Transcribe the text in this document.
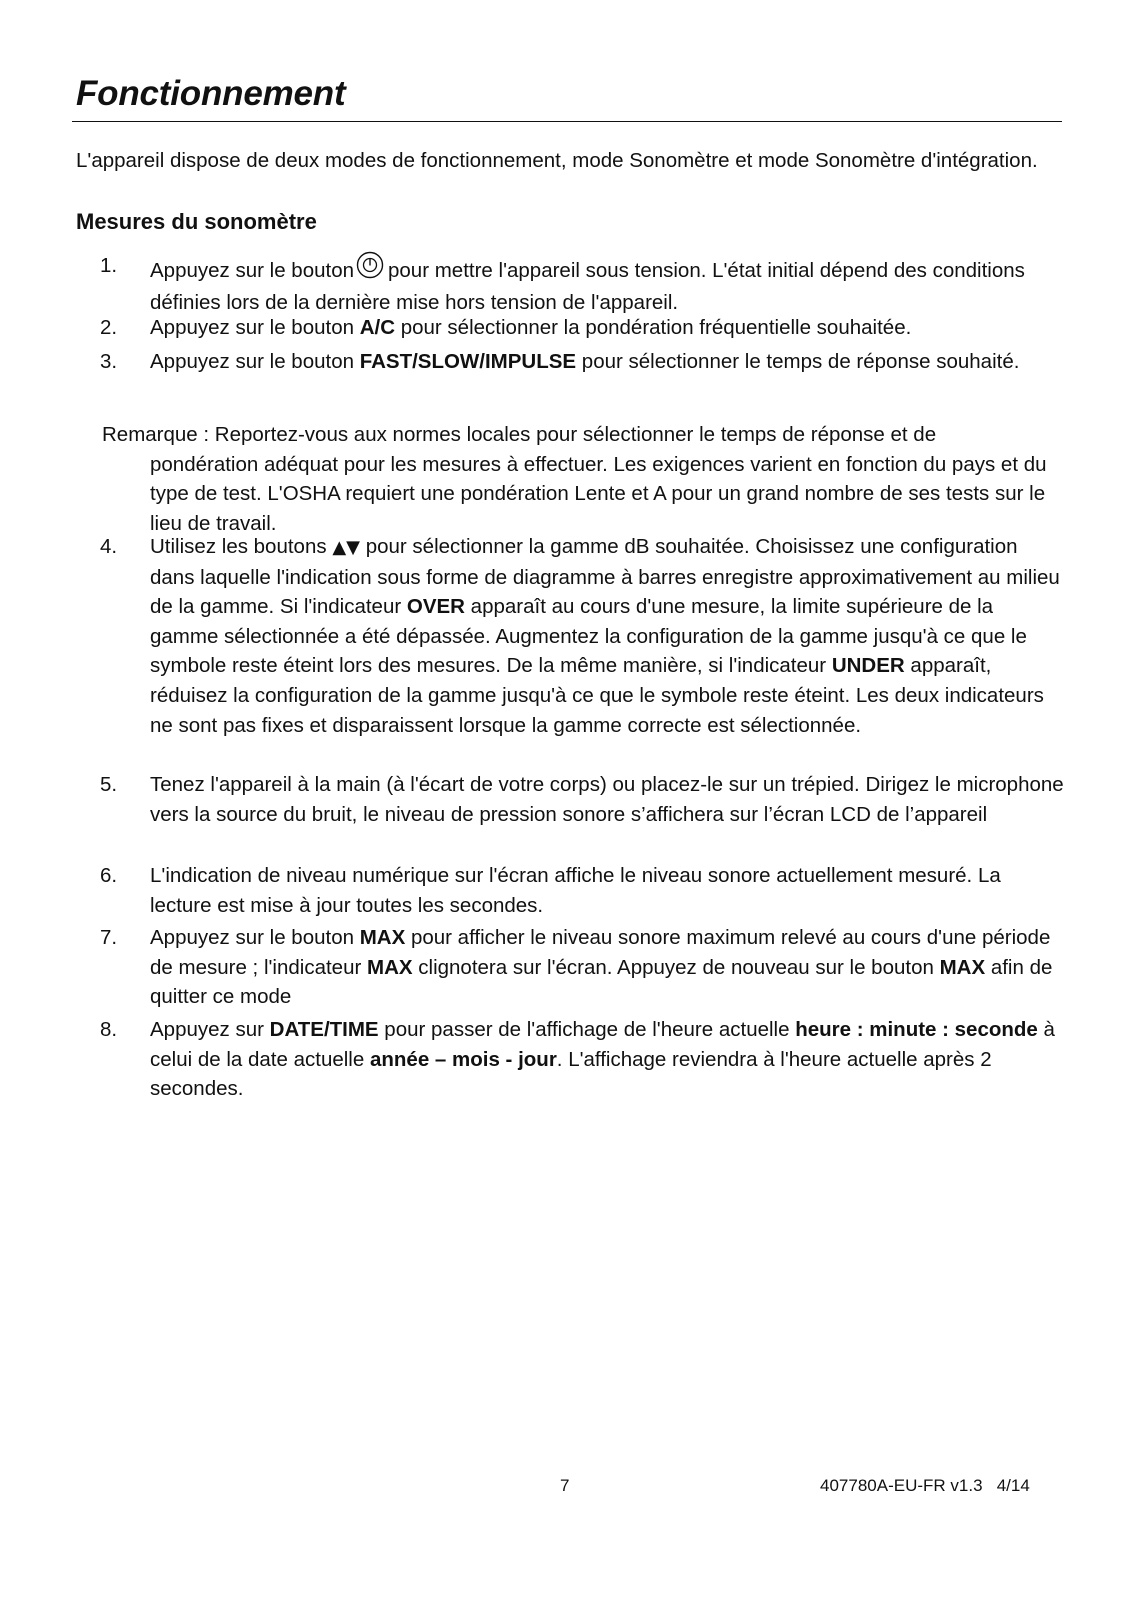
Fonctionnement

L'appareil dispose de deux modes de fonctionnement, mode Sonomètre et mode Sonomètre d'intégration.

Mesures du sonomètre
1. Appuyez sur le bouton pour mettre l'appareil sous tension. L'état initial dépend des conditions définies lors de la dernière mise hors tension de l'appareil.
2. Appuyez sur le bouton A/C pour sélectionner la pondération fréquentielle souhaitée.
3. Appuyez sur le bouton FAST/SLOW/IMPULSE pour sélectionner le temps de réponse souhaité.
Remarque : Reportez-vous aux normes locales pour sélectionner le temps de réponse et de
pondération adéquat pour les mesures à effectuer. Les exigences varient en fonction du pays et du type de test. L'OSHA requiert une pondération Lente et A pour un grand nombre de ses tests sur le lieu de travail.
4. Utilisez les boutons ▲▼ pour sélectionner la gamme dB souhaitée. Choisissez une configuration dans laquelle l'indication sous forme de diagramme à barres enregistre approximativement au milieu de la gamme. Si l'indicateur OVER apparaît au cours d'une mesure, la limite supérieure de la gamme sélectionnée a été dépassée. Augmentez la configuration de la gamme jusqu'à ce que le symbole reste éteint lors des mesures. De la même manière, si l'indicateur UNDER apparaît, réduisez la configuration de la gamme jusqu'à ce que le symbole reste éteint. Les deux indicateurs ne sont pas fixes et disparaissent lorsque la gamme correcte est sélectionnée.
5. Tenez l'appareil à la main (à l'écart de votre corps) ou placez-le sur un trépied. Dirigez le microphone vers la source du bruit, le niveau de pression sonore s’affichera sur l’écran LCD de l’appareil
6. L'indication de niveau numérique sur l'écran affiche le niveau sonore actuellement mesuré. La lecture est mise à jour toutes les secondes.
7. Appuyez sur le bouton MAX pour afficher le niveau sonore maximum relevé au cours d'une période de mesure ; l'indicateur MAX clignotera sur l'écran. Appuyez de nouveau sur le bouton MAX afin de quitter ce mode
8. Appuyez sur DATE/TIME pour passer de l'affichage de l'heure actuelle heure : minute : seconde à celui de la date actuelle année – mois - jour. L'affichage reviendra à l'heure actuelle après 2 secondes.
7	407780A-EU-FR v1.3   4/14
